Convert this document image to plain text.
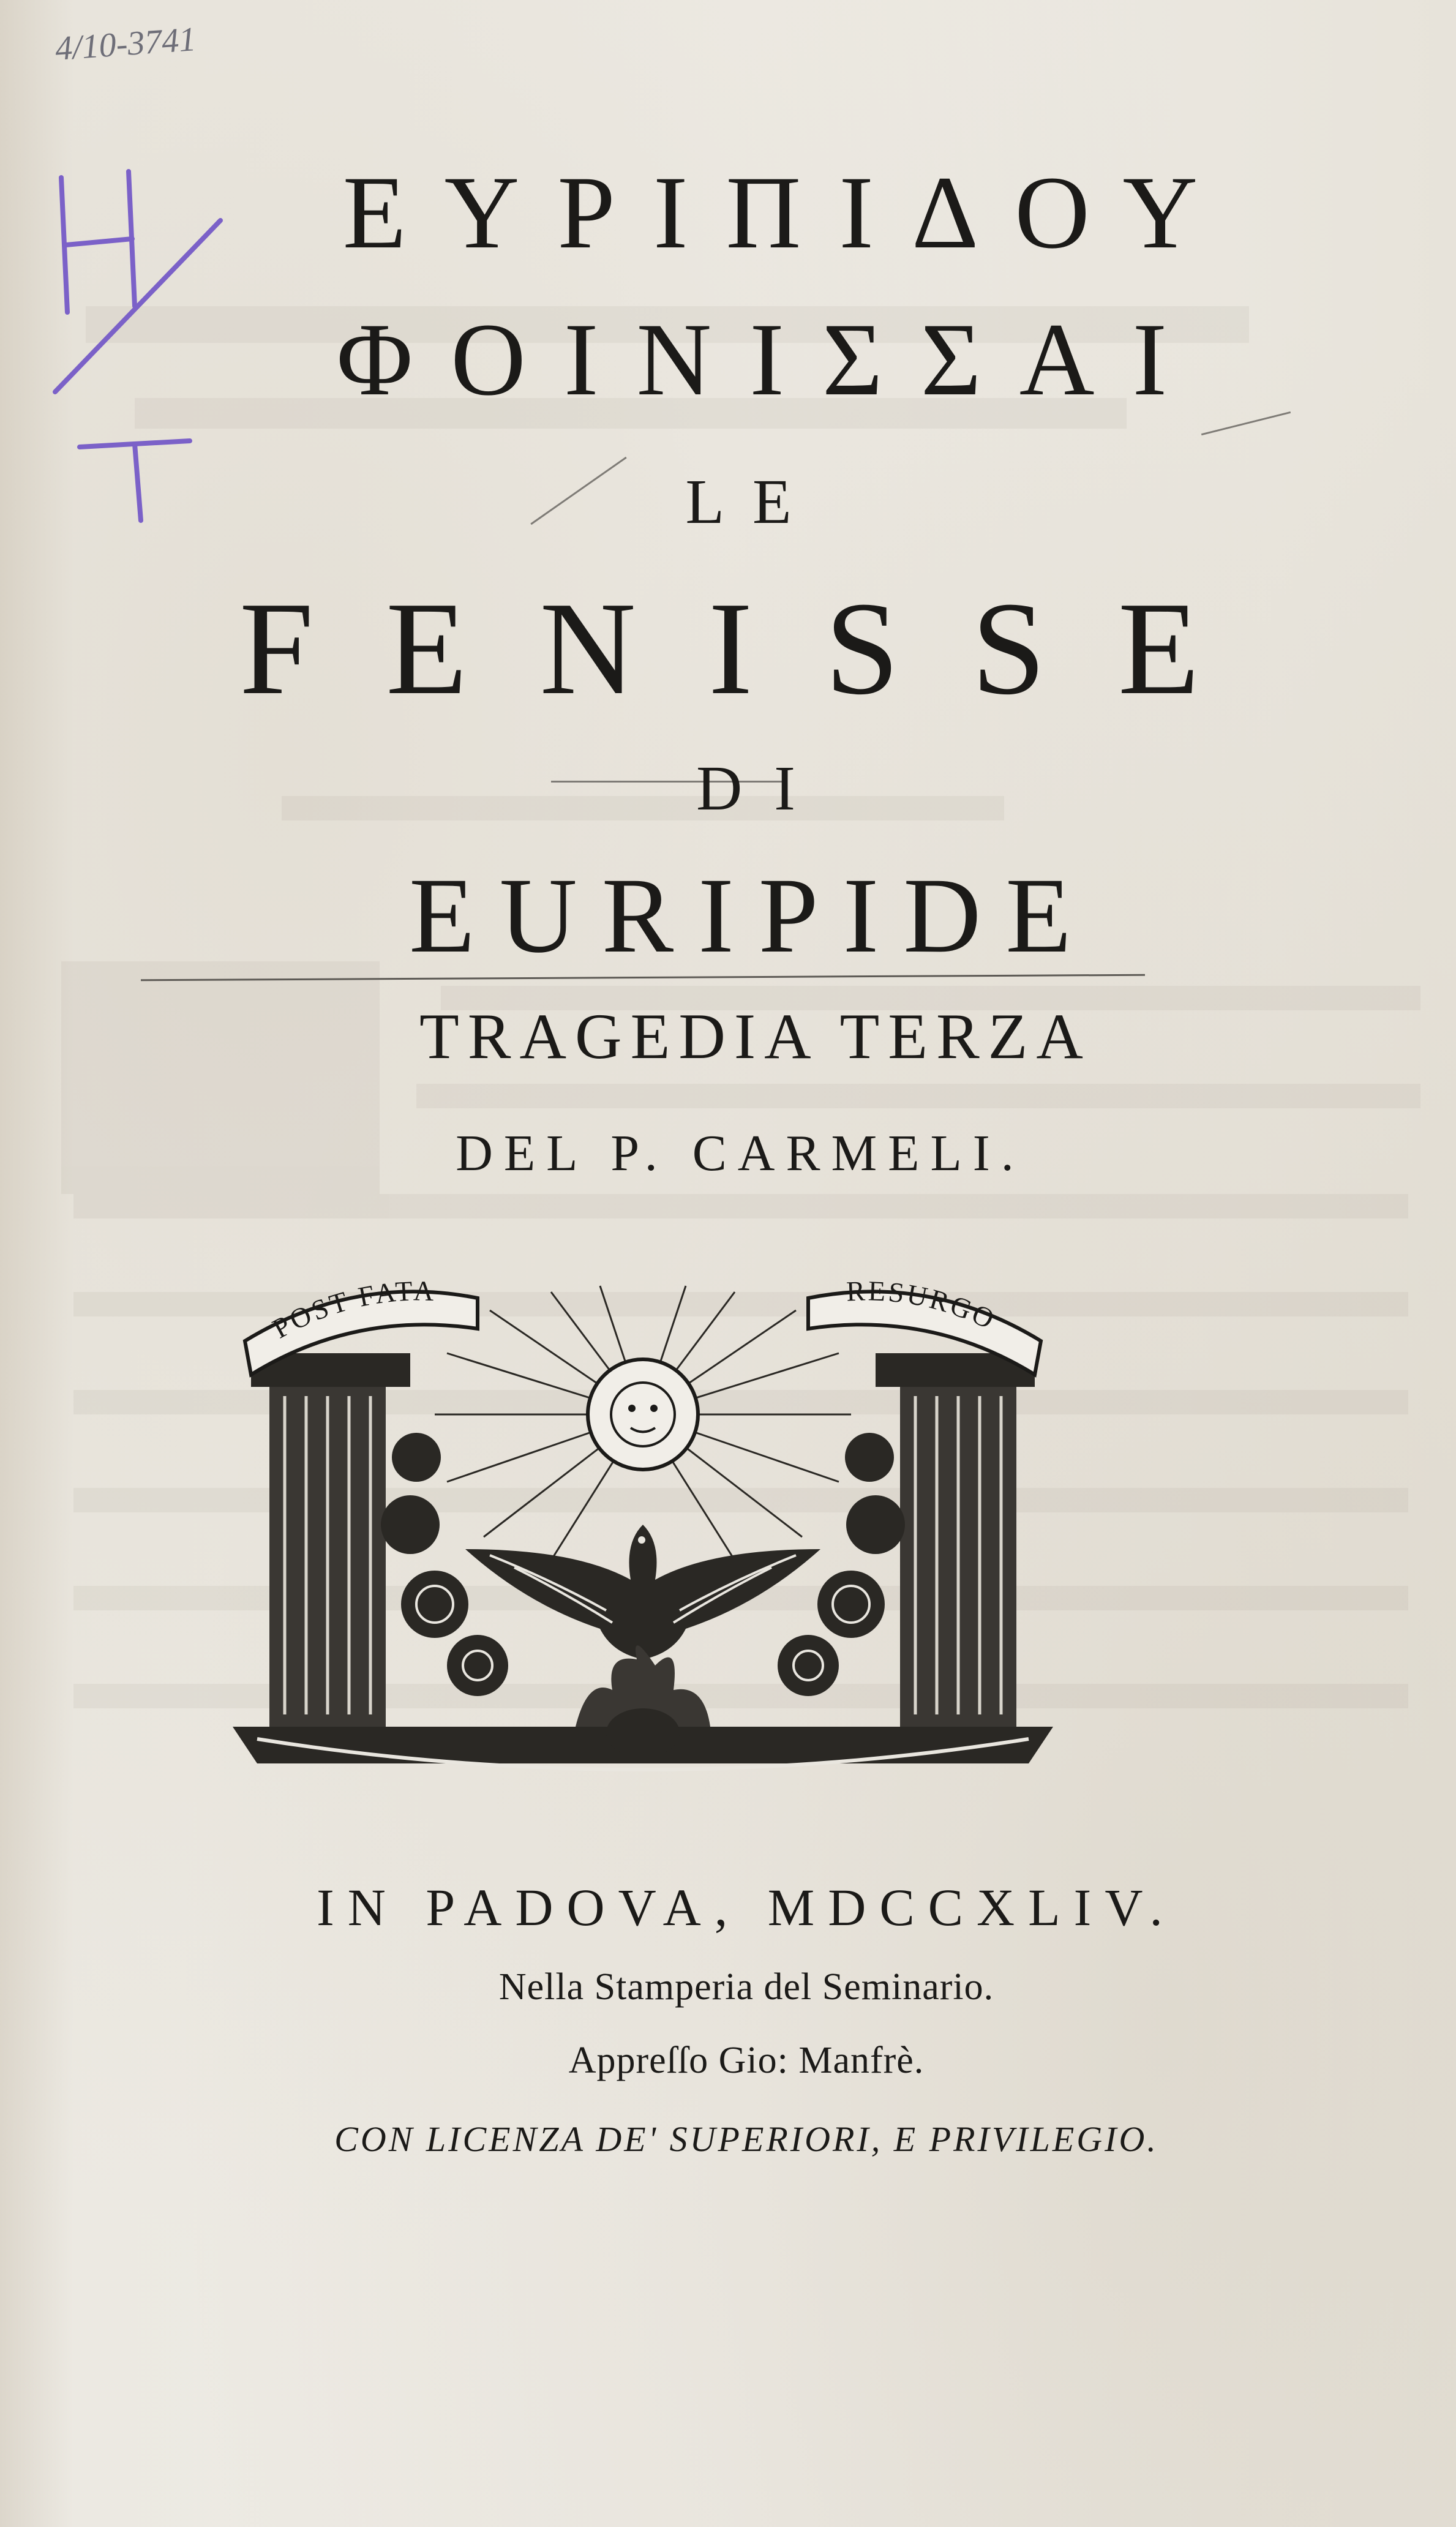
4/10-3741
ΕΥΡΙΠΙΔΟΥ
ΦΟΙΝΙΣΣΑΙ
LE
FENISSE
DI
EURIPIDE
TRAGEDIA TERZA
DEL P. CARMELI.
POST FATA	RESURGO
IN PADOVA, MDCCXLIV.
Nella Stamperia del Seminario.
Appreſſo Gio: Manfrè.
CON LICENZA DE' SUPERIORI, E PRIVILEGIO.
